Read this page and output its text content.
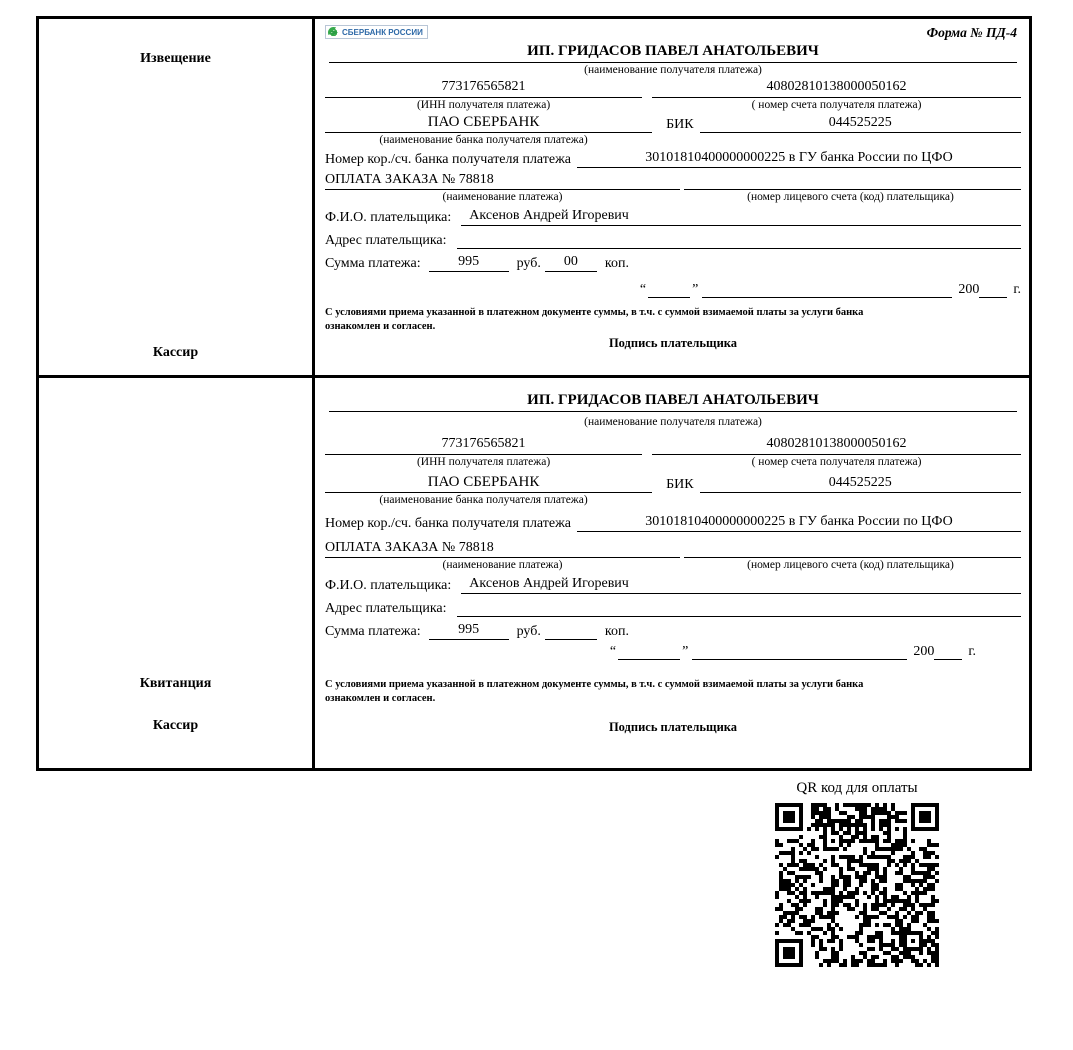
Извещение
Кассир
СБЕРБАНК РОССИИ	Форма № ПД-4
ИП. ГРИДАСОВ ПАВЕЛ АНАТОЛЬЕВИЧ
(наименование получателя платежа)
773176565821
(ИНН получателя платежа)
40802810138000050162
( номер счета получателя платежа)
ПАО СБЕРБАНК	БИК	044525225
(наименование банка получателя платежа)
Номер кор./сч. банка получателя платежа	30101810400000000225 в ГУ банка России по ЦФО
ОПЛАТА ЗАКАЗА № 78818
(наименование платежа)	(номер лицевого счета (код) плательщика)
Ф.И.О. плательщика:	Аксенов Андрей Игоревич
Адрес плательщика:
Сумма платежа:	995	руб.	00	коп.
“	”	200 г.
С условиями приема указанной в платежном документе суммы, в т.ч. с суммой взимаемой платы за услуги банка
ознакомлен и согласен.
Подпись плательщика
Квитанция
Кассир
ИП. ГРИДАСОВ ПАВЕЛ АНАТОЛЬЕВИЧ
(наименование получателя платежа)
773176565821
(ИНН получателя платежа)
40802810138000050162
( номер счета получателя платежа)
ПАО СБЕРБАНК	БИК	044525225
(наименование банка получателя платежа)
Номер кор./сч. банка получателя платежа	30101810400000000225 в ГУ банка России по ЦФО
ОПЛАТА ЗАКАЗА № 78818
(наименование платежа)	(номер лицевого счета (код) плательщика)
Ф.И.О. плательщика:	Аксенов Андрей Игоревич
Адрес плательщика:
Сумма платежа:	995	руб.	коп.
“	”	200 г.
С условиями приема указанной в платежном документе суммы, в т.ч. с суммой взимаемой платы за услуги банка
ознакомлен и согласен.
Подпись плательщика
QR код для оплаты
